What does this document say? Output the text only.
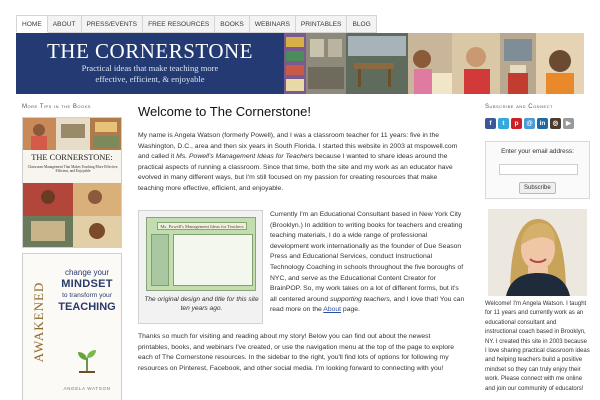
HOME	ABOUT	PRESS/EVENTS	FREE RESOURCES	BOOKS	WEBINARS	PRINTABLES	BLOG
THE CORNERSTONE
Practical ideas that make teaching more
effective, efficient, & enjoyable
More Tips in the Books
THE CORNERSTONE:
Classroom Management That Makes Teaching More Effective, Efficient, and Enjoyable
AWAKENED
change your
MINDSET
to transform your
TEACHING
ANGELA WATSON
Welcome to The Cornerstone!
My name is Angela Watson (formerly Powell), and I was a classroom teacher for 11 years: five in the Washington, D.C., area and then six years in South Florida. I started this website in 2003 at mspowell.com and called it Ms. Powell's Management Ideas for Teachers because I wanted to share ideas around the practical aspects of running a classroom. Since that time, both the site and my work as an educator have evolved in many different ways, but I'm still focused on my passion for creating resources that make teaching more effective, efficient, and enjoyable.
Ms. Powell's Management Ideas for Teachers
The original design and title for this site ten years ago.
Currently I'm an Educational Consultant based in New York City (Brooklyn.) In addition to writing books for teachers and creating teaching materials, I do a wide range of professional development work internationally as the founder of Due Season Press and Educational Services, conduct Instructional Technology Coaching in schools throughout the five boroughs of NYC, and serve as the Educational Content Creator for BrainPOP. So, my work takes on a lot of different forms, but it's all centered around supporting teachers, and I love that! You can read more on the About page.
Thanks so much for visiting and reading about my story! Below you can find out about the newest printables, books, and webinars I've created, or use the navigation menu at the top of the page to explore each of The Cornerstone resources. In the sidebar to the right, you'll find lots of options for following my resources on Pinterest, Facebook, and other social media. I'm looking forward to connecting with you!
Subscribe and Connect
f	t	p	@	in	◎	▶
Enter your email address:
Subscribe
Welcome! I'm Angela Watson. I taught for 11 years and currently work as an educational consultant and instructional coach based in Brooklyn, NY. I created this site in 2003 because I love sharing practical classroom ideas and helping teachers build a positive mindset so they can truly enjoy their work. Please connect with me online and join our community of educators!
